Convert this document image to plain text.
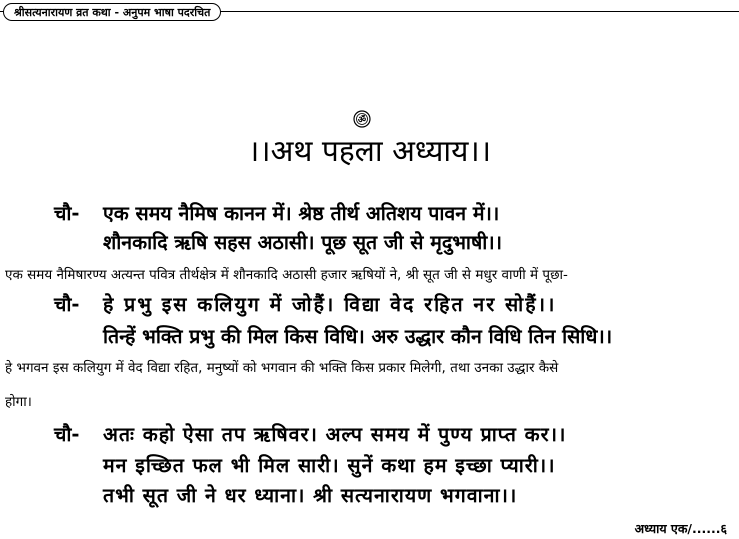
श्रीसत्यनारायण व्रत कथा - अनुपम भाषा पदरचित
ॐ
।।अथ पहला अध्याय।।
चौ- एक समय नैमिष कानन में। श्रेष्ठ तीर्थ अतिशय पावन में।।
शौनकादि ऋषि सहस अठासी। पूछ सूत जी से मृदुभाषी।।
एक समय नैमिषारण्य अत्यन्त पवित्र तीर्थक्षेत्र में शौनकादि अठासी हजार ऋषियों ने, श्री सूत जी से मधुर वाणी में पूछा-
चौ- हे प्रभु इस कलियुग में जोहैं। विद्या वेद रहित नर सोहैं।।
तिन्हें भक्ति प्रभु की मिल किस विधि। अरु उद्धार कौन विधि तिन सिधि।।
हे भगवन इस कलियुग में वेद विद्या रहित, मनुष्यों को भगवान की भक्ति किस प्रकार मिलेगी, तथा उनका उद्धार कैसे
होगा।
चौ- अतः कहो ऐसा तप ऋषिवर। अल्प समय में पुण्य प्राप्त कर।।
मन इच्छित फल भी मिल सारी। सुनें कथा हम इच्छा प्यारी।।
तभी सूत जी ने धर ध्याना। श्री सत्यनारायण भगवाना।।
अध्याय एक/......६
